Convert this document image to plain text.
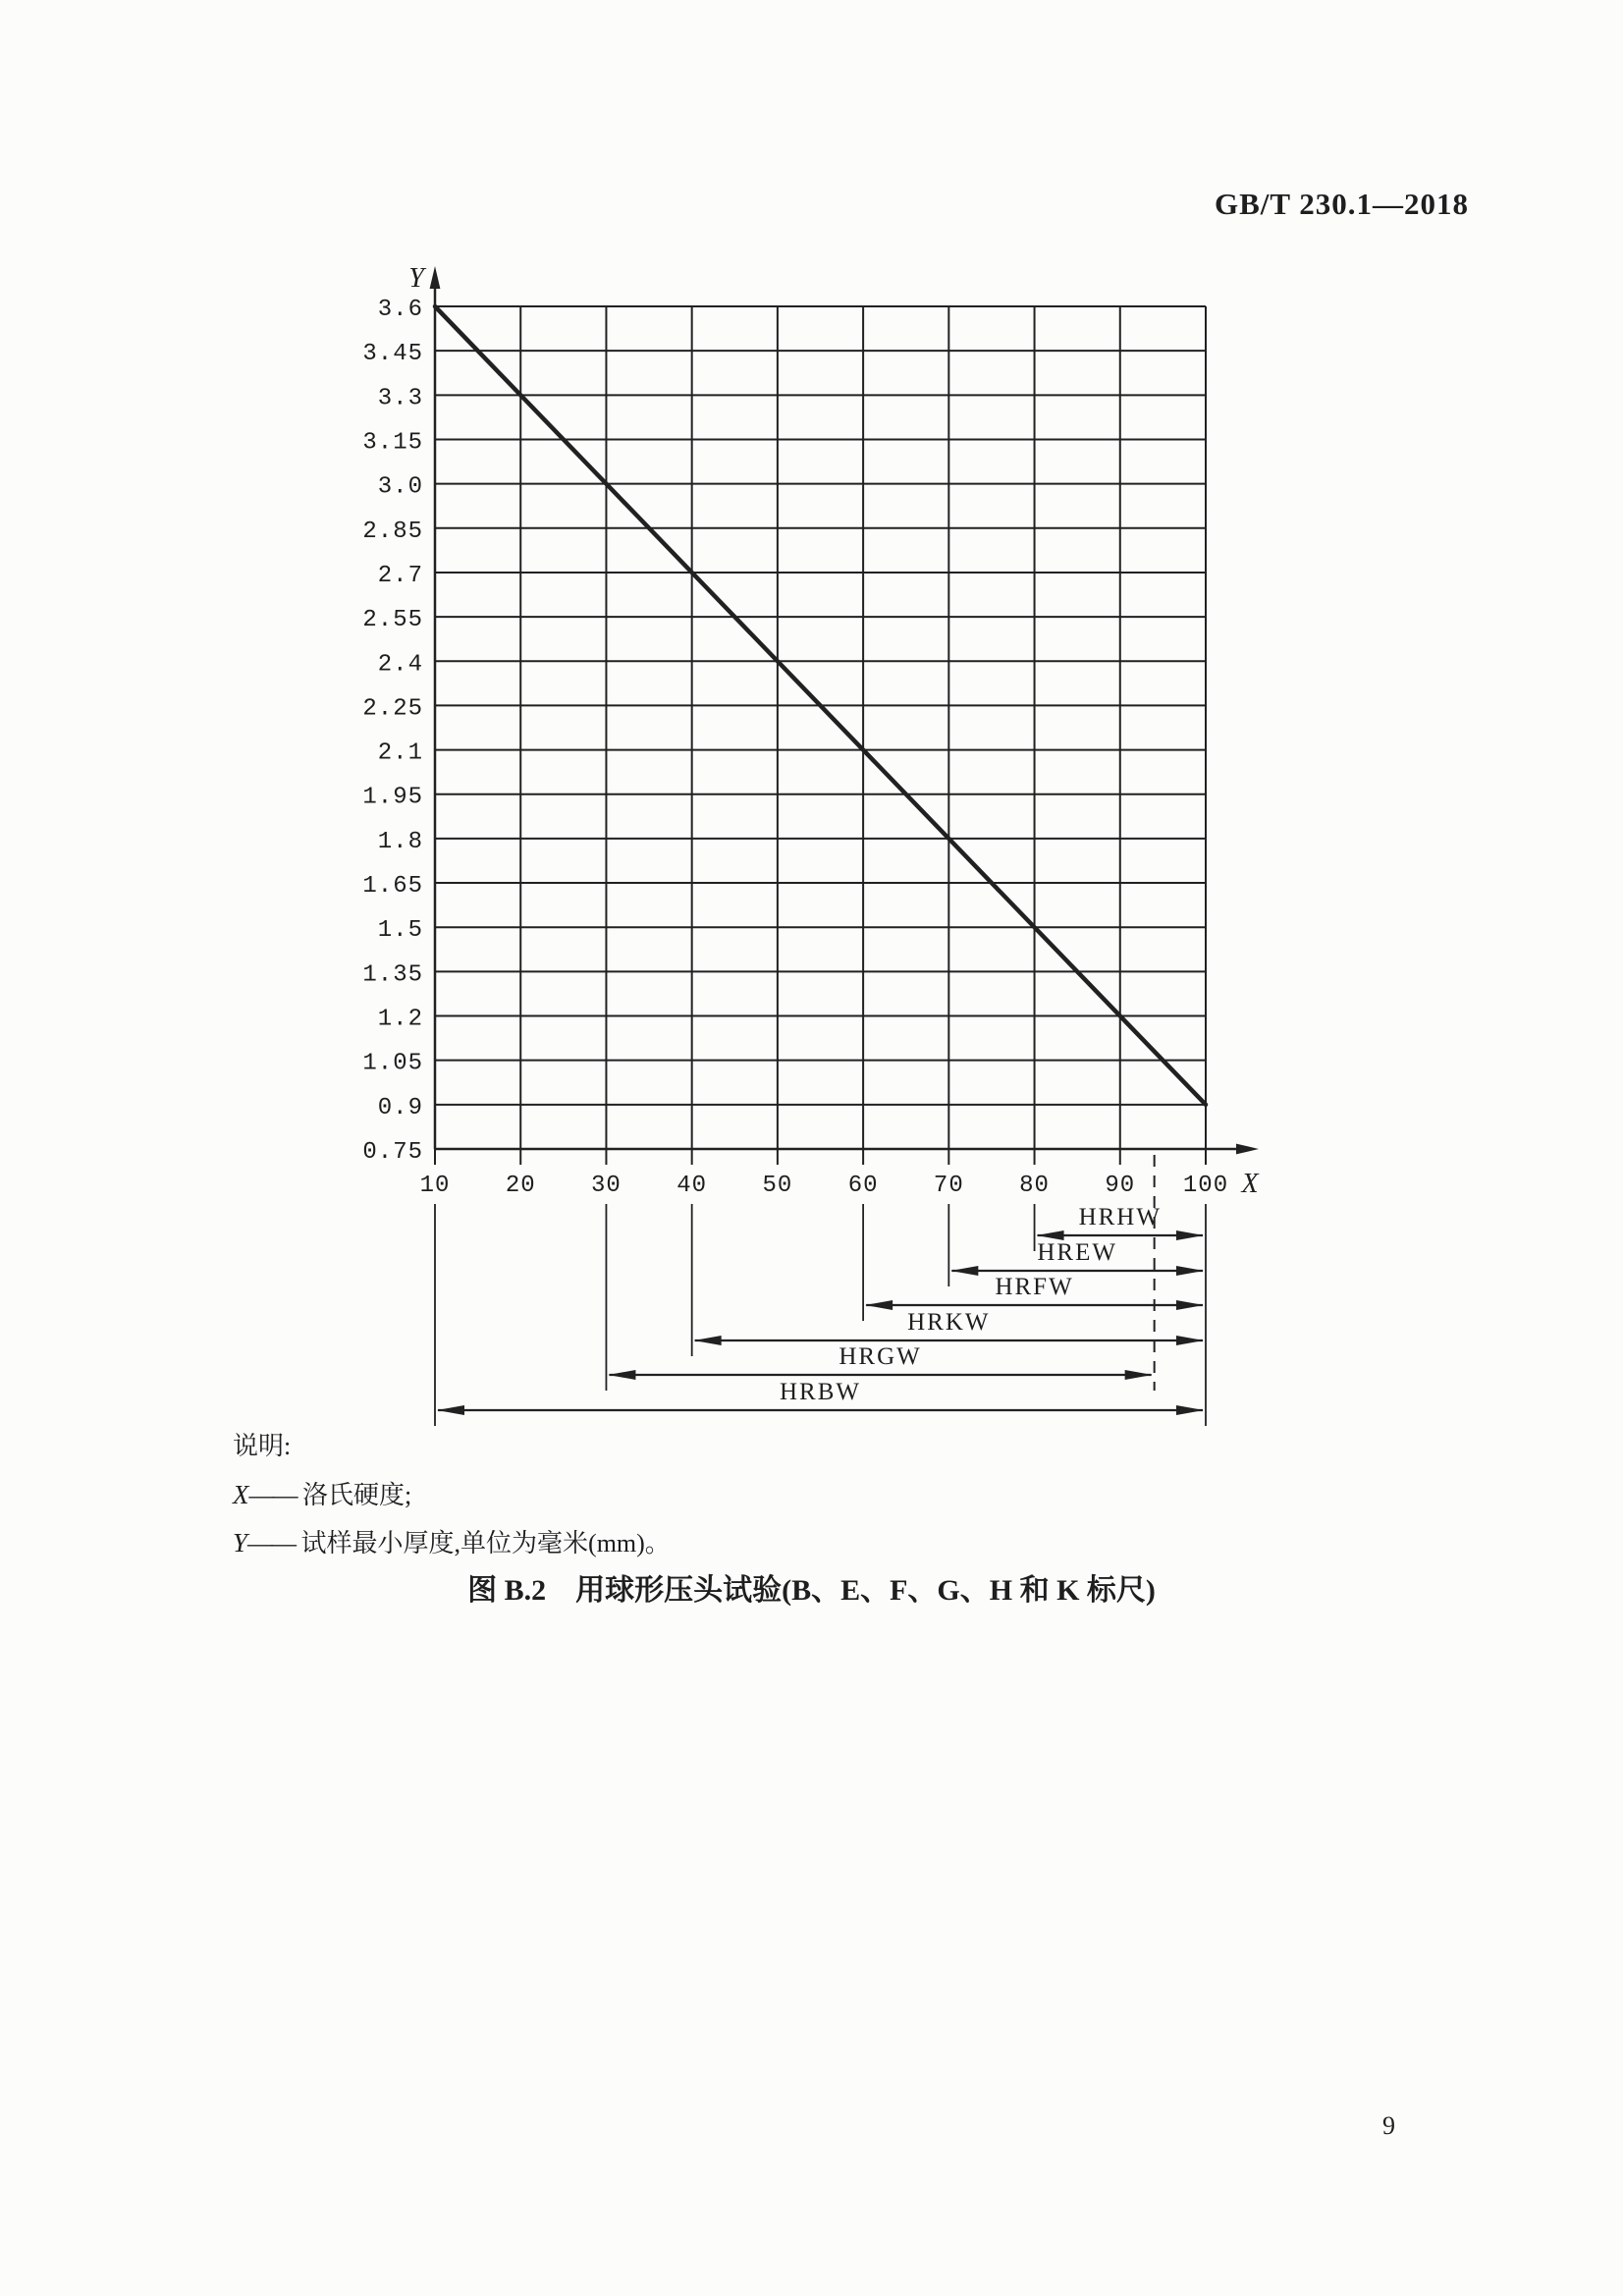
GB/T 230.1—2018
Y
X
0.75
0.9
1.05
1.2
1.35
1.5
1.65
1.8
1.95
2.1
2.25
2.4
2.55
2.7
2.85
3.0
3.15
3.3
3.45
3.6
10 20 30 40 50 60 70 80 90 100
HRHW
HREW
HRFW
HRKW
HRGW
HRBW
说明:
X—— 洛氏硬度;
Y—— 试样最小厚度,单位为毫米(mm)。
图 B.2　用球形压头试验(B、E、F、G、H 和 K 标尺)
9
